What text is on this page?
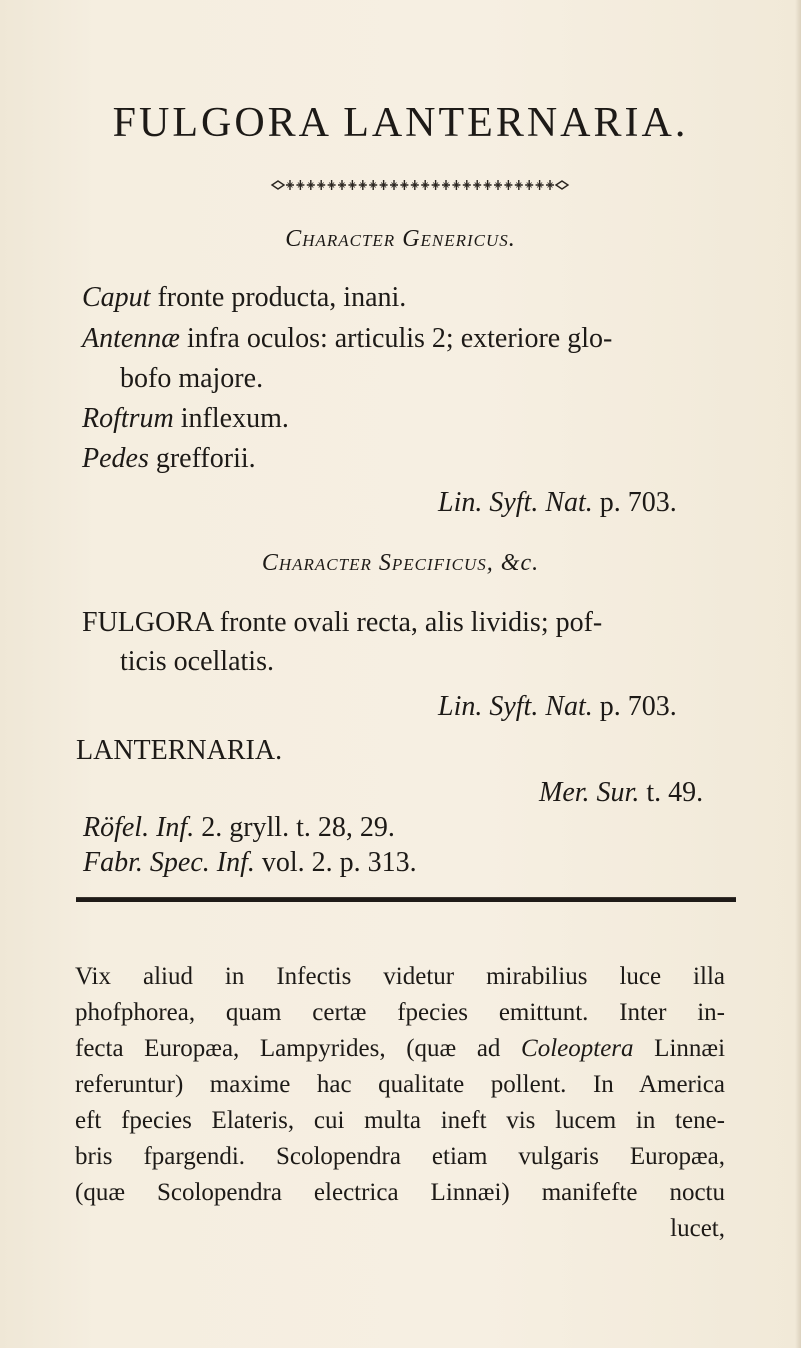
FULGORA LANTERNARIA.
Character Genericus.
Caput fronte producta, inani.
Antennæ infra oculos: articulis 2; exteriore glo-
bofo majore.
Roftrum inflexum.
Pedes grefforii.
Lin. Syft. Nat. p. 703.
Character Specificus, &c.
FULGORA fronte ovali recta, alis lividis; pof-
ticis ocellatis.
Lin. Syft. Nat. p. 703.
LANTERNARIA.
Mer. Sur. t. 49.
Röfel. Inf. 2. gryll. t. 28, 29.
Fabr. Spec. Inf. vol. 2. p. 313.
Vix aliud in Infectis videtur mirabilius luce illa
phofphorea, quam certæ fpecies emittunt. Inter in-
fecta Europæa, Lampyrides, (quæ ad Coleoptera Linnæi
referuntur) maxime hac qualitate pollent. In America
eft fpecies Elateris, cui multa ineft vis lucem in tene-
bris fpargendi. Scolopendra etiam vulgaris Europæa,
(quæ Scolopendra electrica Linnæi) manifefte noctu
lucet,
